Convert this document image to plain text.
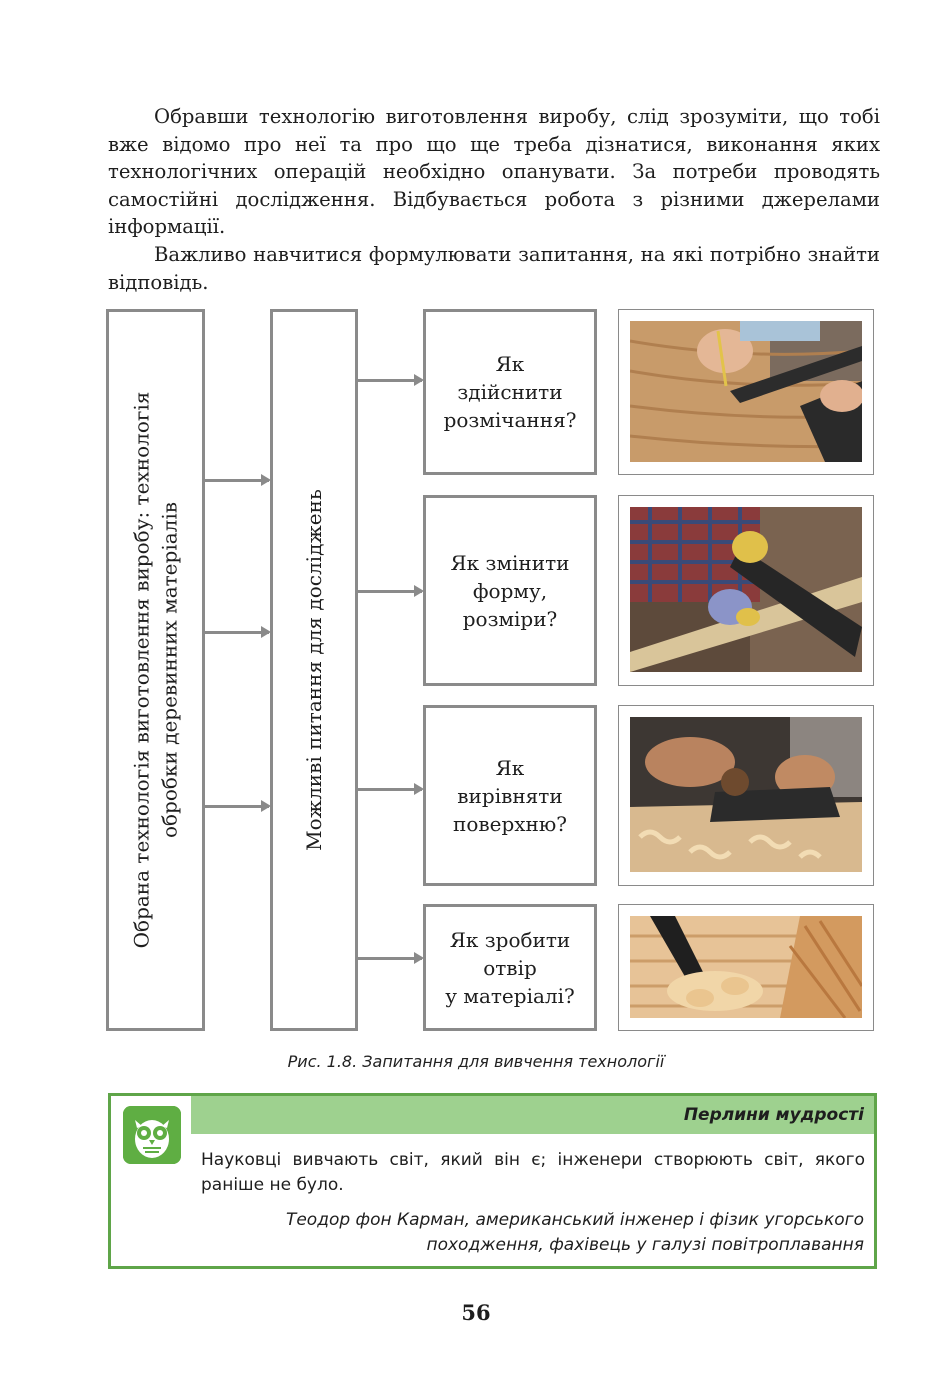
Обравши технологію виготовлення виробу, слід зрозуміти, що тобі вже відомо про неї та про що ще треба дізнатися, виконання яких технологічних операцій необхідно опанувати. За потреби проводять самостійні дослідження. Відбувається робота з різними джерелами інформації.

Важливо навчитися формулювати запитання, на які потрібно знайти відповідь.

Обрана технологія виготовлення виробу: технологія обробки деревинних матеріалів	Можливі питання для досліджень
Як
здійснити
розмічання?
Як змінити
форму,
розміри?
Як
вирівняти
поверхню?
Як зробити
отвір
у матеріалі?
Рис. 1.8. Запитання для вивчення технології
Перлини мудрості
Науковці вивчають світ, який він є; інженери створюють світ, якого раніше не було.
Теодор фон Карман, американський інженер і фізик угорського
походження, фахівець у галузі повітроплавання
56
